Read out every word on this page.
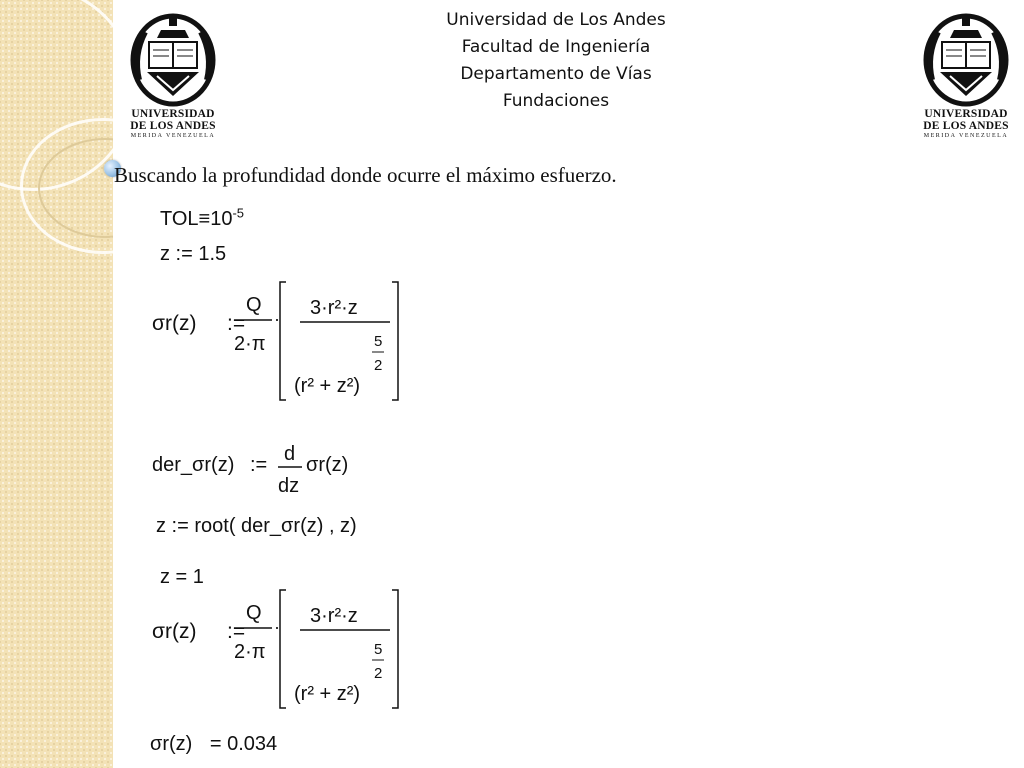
UNIVERSIDAD
DE LOS ANDES
MERIDA VENEZUELA
UNIVERSIDAD
DE LOS ANDES
MERIDA VENEZUELA
Universidad de Los Andes
Facultad de Ingeniería
Departamento de Vías
Fundaciones
Buscando la profundidad donde ocurre el máximo esfuerzo.
$TOL\equiv 10^{-5}$
z := 1.5
σr(z) :=
Q
2·π
· 3·r²·z
(r² + z²)
5
2
der_σr(z) := d
dz
σr(z)
z := root( der_σr(z) , z)
z = 1
σr(z) :=
Q
2·π
· 3·r²·z
(r² + z²)
5
2
σr(z) = 0.034
